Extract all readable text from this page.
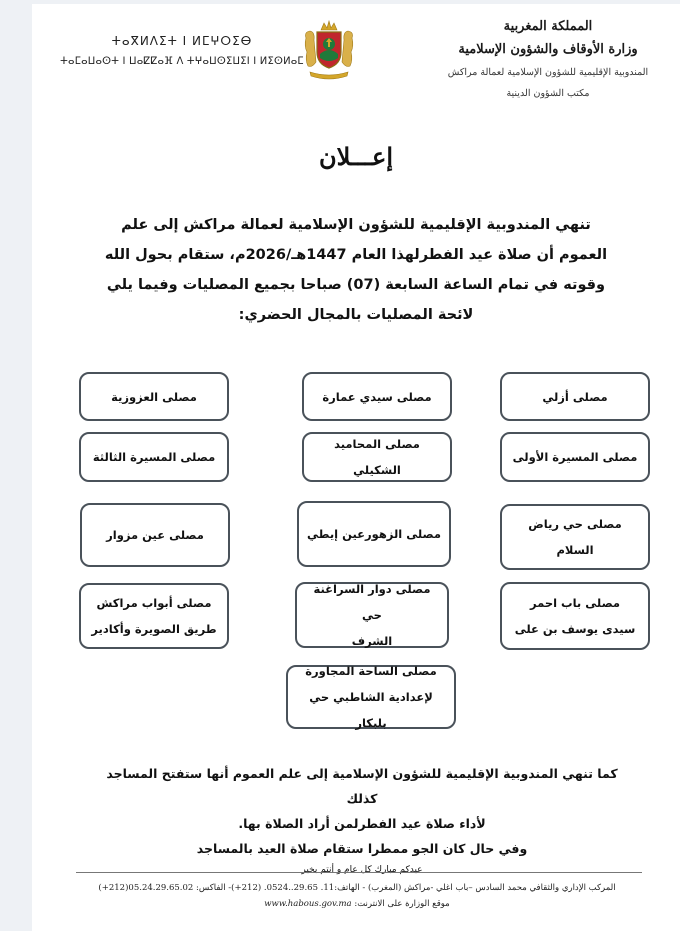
ⵜⴰⴳⵍⴷⵉⵜ ⵏ ⵍⵎⵖⵔⵉⴱ
ⵜⴰⵎⴰⵡⴰⵙⵜ ⵏ ⵡⴰⵇⵇⴰⴼ ⴷ ⵜⵖⴰⵡⵙⵉⵡⵉⵏ ⵏ ⵍⵉⵙⵍⴰⵎ
المملكة المغربية
وزارة الأوقاف والشؤون الإسلامية
المندوبية الإقليمية للشؤون الإسلامية لعمالة مراكش
مكتب الشؤون الدينية
إعـــلان
تنهي المندوبية الإقليمية للشؤون الإسلامية لعمالة مراكش إلى علم
العموم أن صلاة عيد الفطرلهذا العام 1447هـ/2026م، ستقام بحول الله
وقوته في تمام الساعة السابعة (07) صباحا بجميع المصليات وفيما يلي
لائحة المصليات بالمجال الحضري:
مصلى أزلي
مصلى سيدي عمارة
مصلى العزوزية
مصلى المسيرة الأولى
مصلى المحاميد الشكيلي
مصلى المسيرة الثالثة
مصلى حي رياض
السلام
مصلى الزهورعين إيطي
مصلى عين مزوار
مصلى باب احمر
سيدى يوسف بن على
مصلى دوار السراغنة حي
الشرف
مصلى أبواب مراكش
طريق الصويرة وأكادير
مصلى الساحة المجاورة
لإعدادية الشاطبي حي بلبكار
كما تنهي المندوبية الإقليمية للشؤون الإسلامية إلى علم العموم أنها ستفتح المساجد كذلك
لأداء صلاة عيد الفطرلمن أراد الصلاة بها.
وفي حال كان الجو ممطرا ستقام صلاة العيد بالمساجد
عيدكم مبارك كل عام و أنتم بخير
المركب الإداري والثقافي محمد السادس –باب اغلي -مراكش (المغرب) - الهاتف:11. 29.65..0524. (212+)- الفاكس: 05.24.29.65.02(212+)
موقع الوزارة على الانترنت: www.habous.gov.ma
